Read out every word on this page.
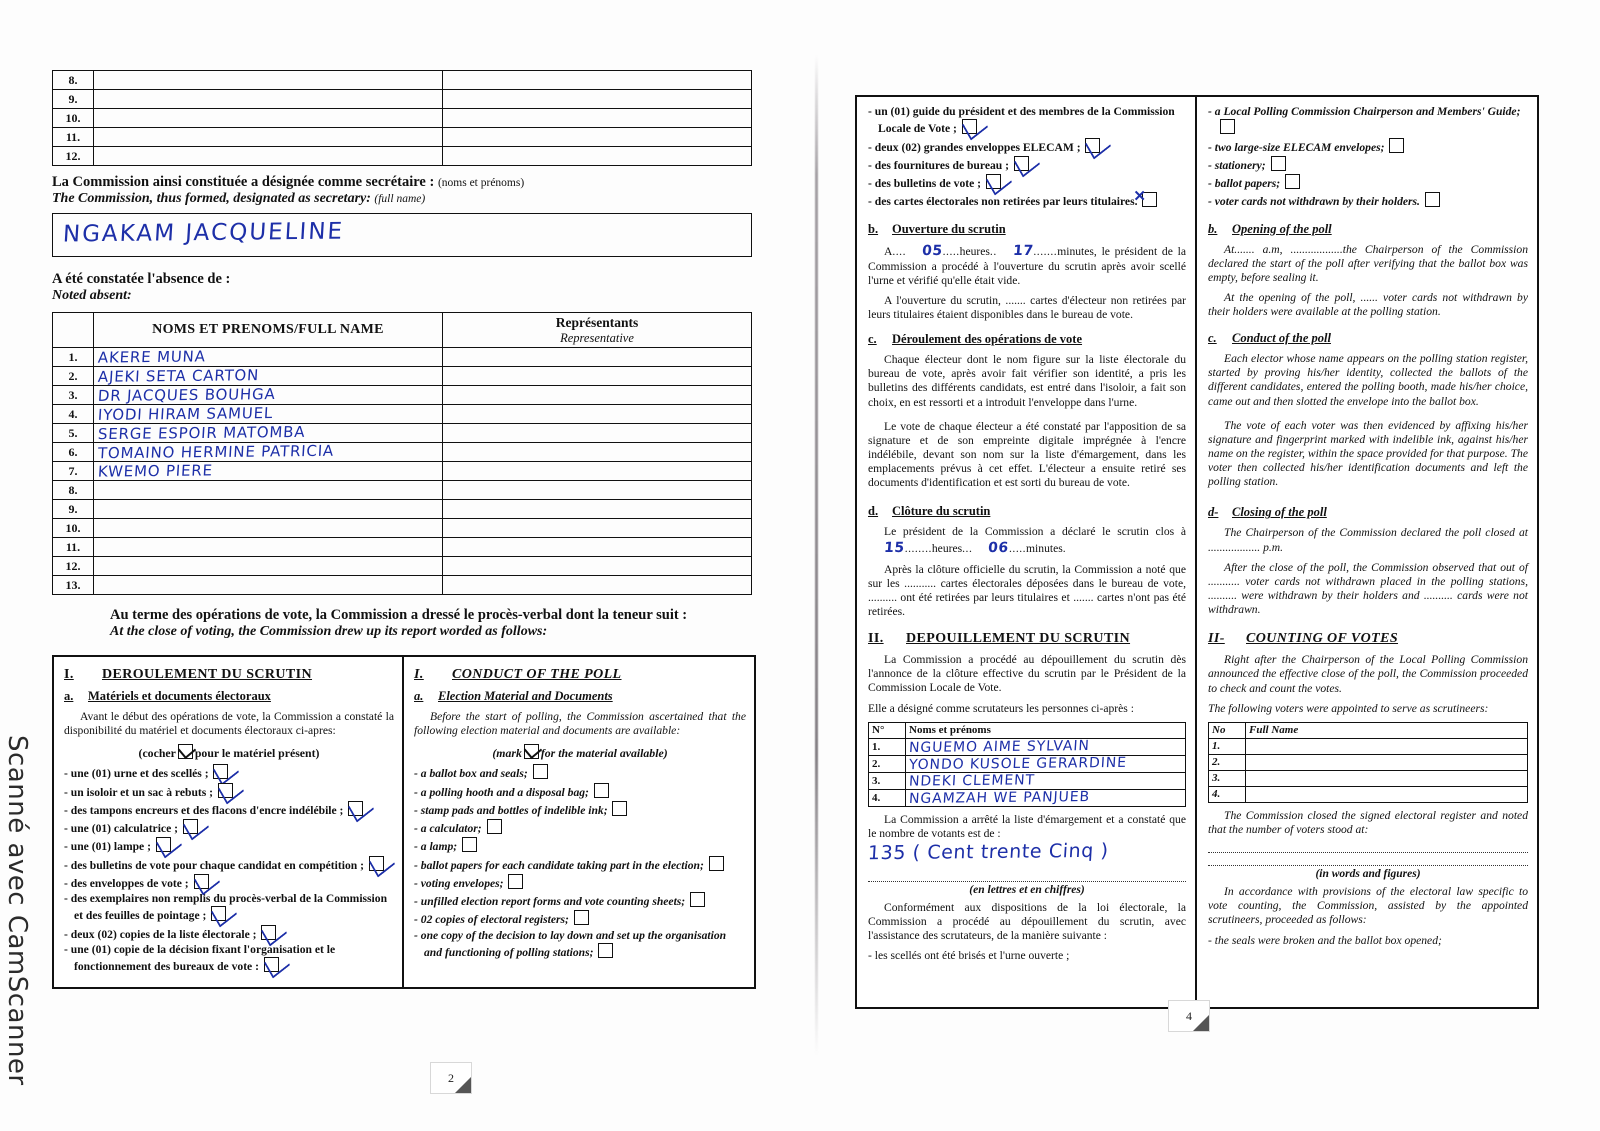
Scanné avec CamScanner
8.		
9.		
10.		
11.		
12.		
La Commission ainsi constituée a désignée comme secrétaire : (noms et prénoms)
The Commission, thus formed, designated as secretary: (full name)
NGAKAM JACQUELINE
A été constatée l'absence de :
Noted absent:
	NOMS ET PRENOMS/FULL NAME	Représentants
Representative

1.	AKERE MUNA	
2.	AJEKI SETA CARTON	
3.	DR JACQUES BOUHGA	
4.	IYODI HIRAM SAMUEL	
5.	SERGE ESPOIR MATOMBA	
6.	TOMAINO HERMINE PATRICIA	
7.	KWEMO PIERE	
8.		
9.		
10.		
11.		
12.		
13.		
Au terme des opérations de vote, la Commission a dressé le procès-verbal dont la teneur suit :
At the close of voting, the Commission drew up its report worded as follows:
I.	DEROULEMENT DU SCRUTIN
a. Matériels et documents électoraux

Avant le début des opérations de vote, la Commission a constaté la disponibilité du matériel et documents électoraux ci-apres:

(cocher pour le matériel présent)
- une (01) urne et des scellés ;
- un isoloir et un sac à rebuts ;
- des tampons encreurs et des flacons d'encre indélébile ;
- une (01) calculatrice ;
- une (01) lampe ;
- des bulletins de vote pour chaque candidat en compétition ;
- des enveloppes de vote ;
- des exemplaires non remplis du procès-verbal de la Commission et des feuilles de pointage ;
- deux (02) copies de la liste électorale ;
- une (01) copie de la décision fixant l'organisation et le fonctionnement des bureaux de vote :
I.	CONDUCT OF THE POLL
a. Election Material and Documents

Before the start of polling, the Commission ascertained that the following election material and documents are available:

(mark for the material available)
- a ballot box and seals;
- a polling hooth and a disposal bag;
- stamp pads and bottles of indelible ink;
- a calculator;
- a lamp;
- ballot papers for each candidate taking part in the election;
- voting envelopes;
- unfilled election report forms and vote counting sheets;
- 02 copies of electoral registers;
- one copy of the decision to lay down and set up the organisation and functioning of polling stations;
2
- un (01) guide du président et des membres de la Commission Locale de Vote ;
- deux (02) grandes enveloppes ELECAM ;
- des fournitures de bureau ;
- des bulletins de vote ;
- des cartes électorales non retirées par leurs titulaires. ✕
b. Ouverture du scrutin

A.... 05.....heures.. 17.......minutes, le président de la Commission a procédé à l'ouverture du scrutin après avoir scellé l'urne et vérifié qu'elle était vide.

A l'ouverture du scrutin, ....... cartes d'électeur non retirées par leurs titulaires étaient disponibles dans le bureau de vote.

c. Déroulement des opérations de vote

Chaque électeur dont le nom figure sur la liste électorale du bureau de vote, après avoir fait vérifier son identité, a pris les bulletins des différents candidats, est entré dans l'isoloir, a fait son choix, en est ressorti et a introduit l'enveloppe dans l'urne.

Le vote de chaque électeur a été constaté par l'apposition de sa signature et de son empreinte digitale imprégnée à l'encre indélébile, devant son nom sur la liste d'émargement, dans les emplacements prévus à cet effet. L'électeur a ensuite retiré ses documents d'identification et est sorti du bureau de vote.

d. Clôture du scrutin

Le président de la Commission a déclaré le scrutin clos à 15........heures... 06.....minutes.

Après la clôture officielle du scrutin, la Commission a noté que sur les ........... cartes électorales déposées dans le bureau de vote, .......... ont été retirées par leurs titulaires et ....... cartes n'ont pas été retirées.

II. DEPOUILLEMENT DU SCRUTIN

La Commission a procédé au dépouillement du scrutin dès l'annonce de la clôture effective du scrutin par le Président de la Commission Locale de Vote.

Elle a désigné comme scrutateurs les personnes ci-après :

N°	Noms et prénoms
1.	NGUEMO AIME SYLVAIN
2.	YONDO KUSOLE GERARDINE
3.	NDEKI CLEMENT
4.	NGAMZAH WE PANJUEB

La Commission a arrêté la liste d'émargement et a constaté que le nombre de votants est de :

135 ( Cent trente Cinq )
(en lettres et en chiffres)

Conformément aux dispositions de la loi électorale, la Commission a procédé au dépouillement du scrutin, avec l'assistance des scrutateurs, de la manière suivante :

- les scellés ont été brisés et l'urne ouverte ;

- a Local Polling Commission Chairperson and Members' Guide;
- two large-size ELECAM envelopes;
- stationery;
- ballot papers;
- voter cards not withdrawn by their holders.
b. Opening of the poll

At....... a.m, ..................the Chairperson of the Commission declared the start of the poll after verifying that the ballot box was empty, before sealing it.

At the opening of the poll, ...... voter cards not withdrawn by their holders were available at the polling station.

c. Conduct of the poll

Each elector whose name appears on the polling station register, started by proving his/her identity, collected the ballots of the different candidates, entered the polling booth, made his/her choice, came out and then slotted the envelope into the ballot box.

The vote of each voter was then evidenced by affixing his/her signature and fingerprint marked with indelible ink, against his/her name on the register, within the space provided for that purpose. The voter then collected his/her identification documents and left the polling station.

d- Closing of the poll

The Chairperson of the Commission declared the poll closed at .................. p.m.

After the close of the poll, the Commission observed that out of ........... voter cards not withdrawn placed in the polling stations, .......... were withdrawn by their holders and .......... cards were not withdrawn.

II- COUNTING OF VOTES

Right after the Chairperson of the Local Polling Commission announced the effective close of the poll, the Commission proceeded to check and count the votes.

The following voters were appointed to serve as scrutineers:

No	Full Name
1.	
2.	
3.	
4.	

The Commission closed the signed electoral register and noted that the number of voters stood at:

(in words and figures)

In accordance with provisions of the electoral law specific to vote counting, the Commission, assisted by the appointed scrutineers, proceeded as follows:

- the seals were broken and the ballot box opened;

4
